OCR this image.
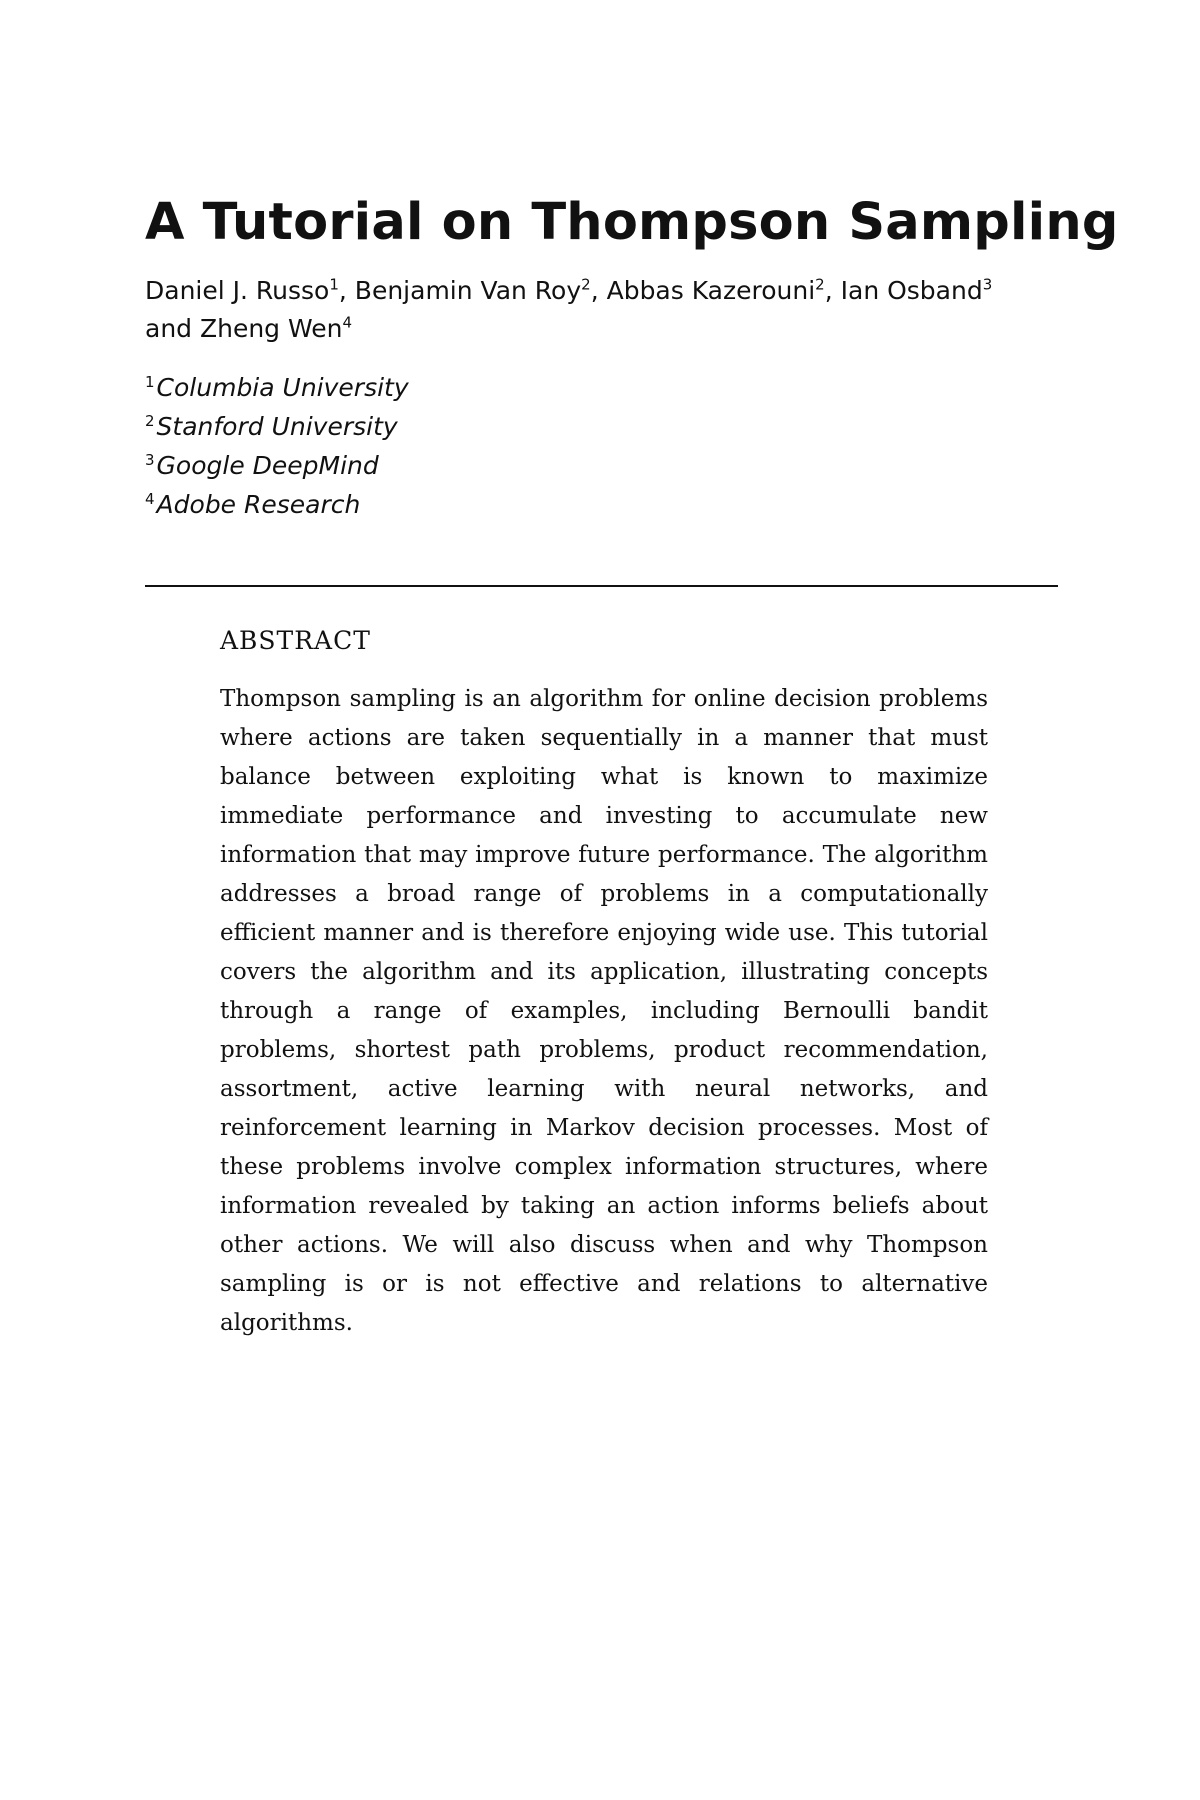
A Tutorial on Thompson Sampling
Daniel J. Russo$^1$, Benjamin Van Roy$^2$, Abbas Kazerouni$^2$, Ian Osband$^3$ and Zheng Wen$^4$
$^1$Columbia University
$^2$Stanford University
$^3$Google DeepMind
$^4$Adobe Research
ABSTRACT

Thompson sampling is an algorithm for online decision problems where actions are taken sequentially in a manner that must balance between exploiting what is known to maximize immediate performance and investing to accumulate new information that may improve future performance. The algorithm addresses a broad range of problems in a computationally efficient manner and is therefore enjoying wide use. This tutorial covers the algorithm and its application, illustrating concepts through a range of examples, including Bernoulli bandit problems, shortest path problems, product recommendation, assortment, active learning with neural networks, and reinforcement learning in Markov decision processes. Most of these problems involve complex information structures, where information revealed by taking an action informs beliefs about other actions. We will also discuss when and why Thompson sampling is or is not effective and relations to alternative algorithms.
